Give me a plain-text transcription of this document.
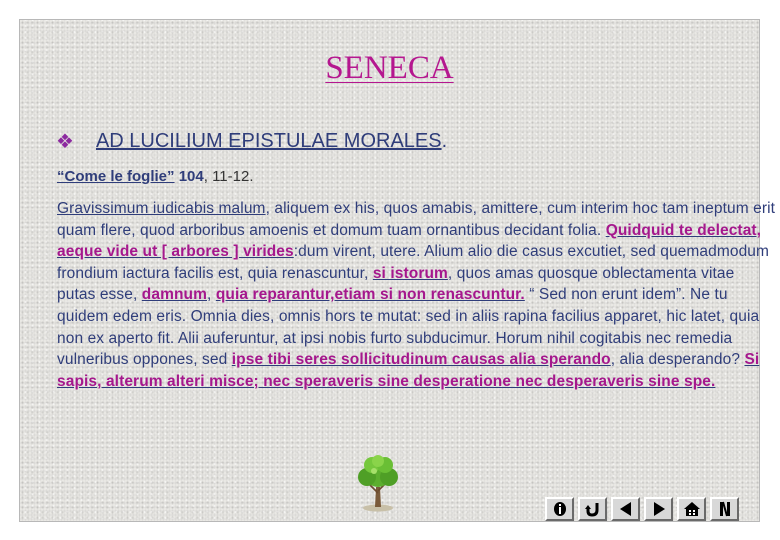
SENECA
❖ AD LUCILIUM EPISTULAE MORALES .
“Come le foglie” 104, 11-12.
Gravissimum iudicabis malum, aliquem ex his, quos amabis, amittere, cum interim hoc tam ineptum erit quam flere, quod arboribus amoenis et domum tuam ornantibus decidant folia. Quidquid te delectat, aeque vide ut [ arbores ] virides:dum virent, utere. Alium alio die casus excutiet, sed quemadmodum frondium iactura facilis est, quia renascuntur, si istorum, quos amas quosque oblectamenta vitae putas esse, damnum, quia reparantur,etiam si non renascuntur. “ Sed non erunt idem”. Ne tu quidem edem eris. Omnia dies, omnis hors te mutat: sed in aliis rapina facilius apparet, hic latet, quia non ex aperto fit. Alii auferuntur, at ipsi nobis furto subducimur. Horum nihil cogitabis nec remedia vulneribus oppones, sed ipse tibi seres sollicitudinum causas alia sperando, alia desperando? Si sapis, alterum alteri misce; nec speraveris sine desperatione nec desperaveris sine spe.
